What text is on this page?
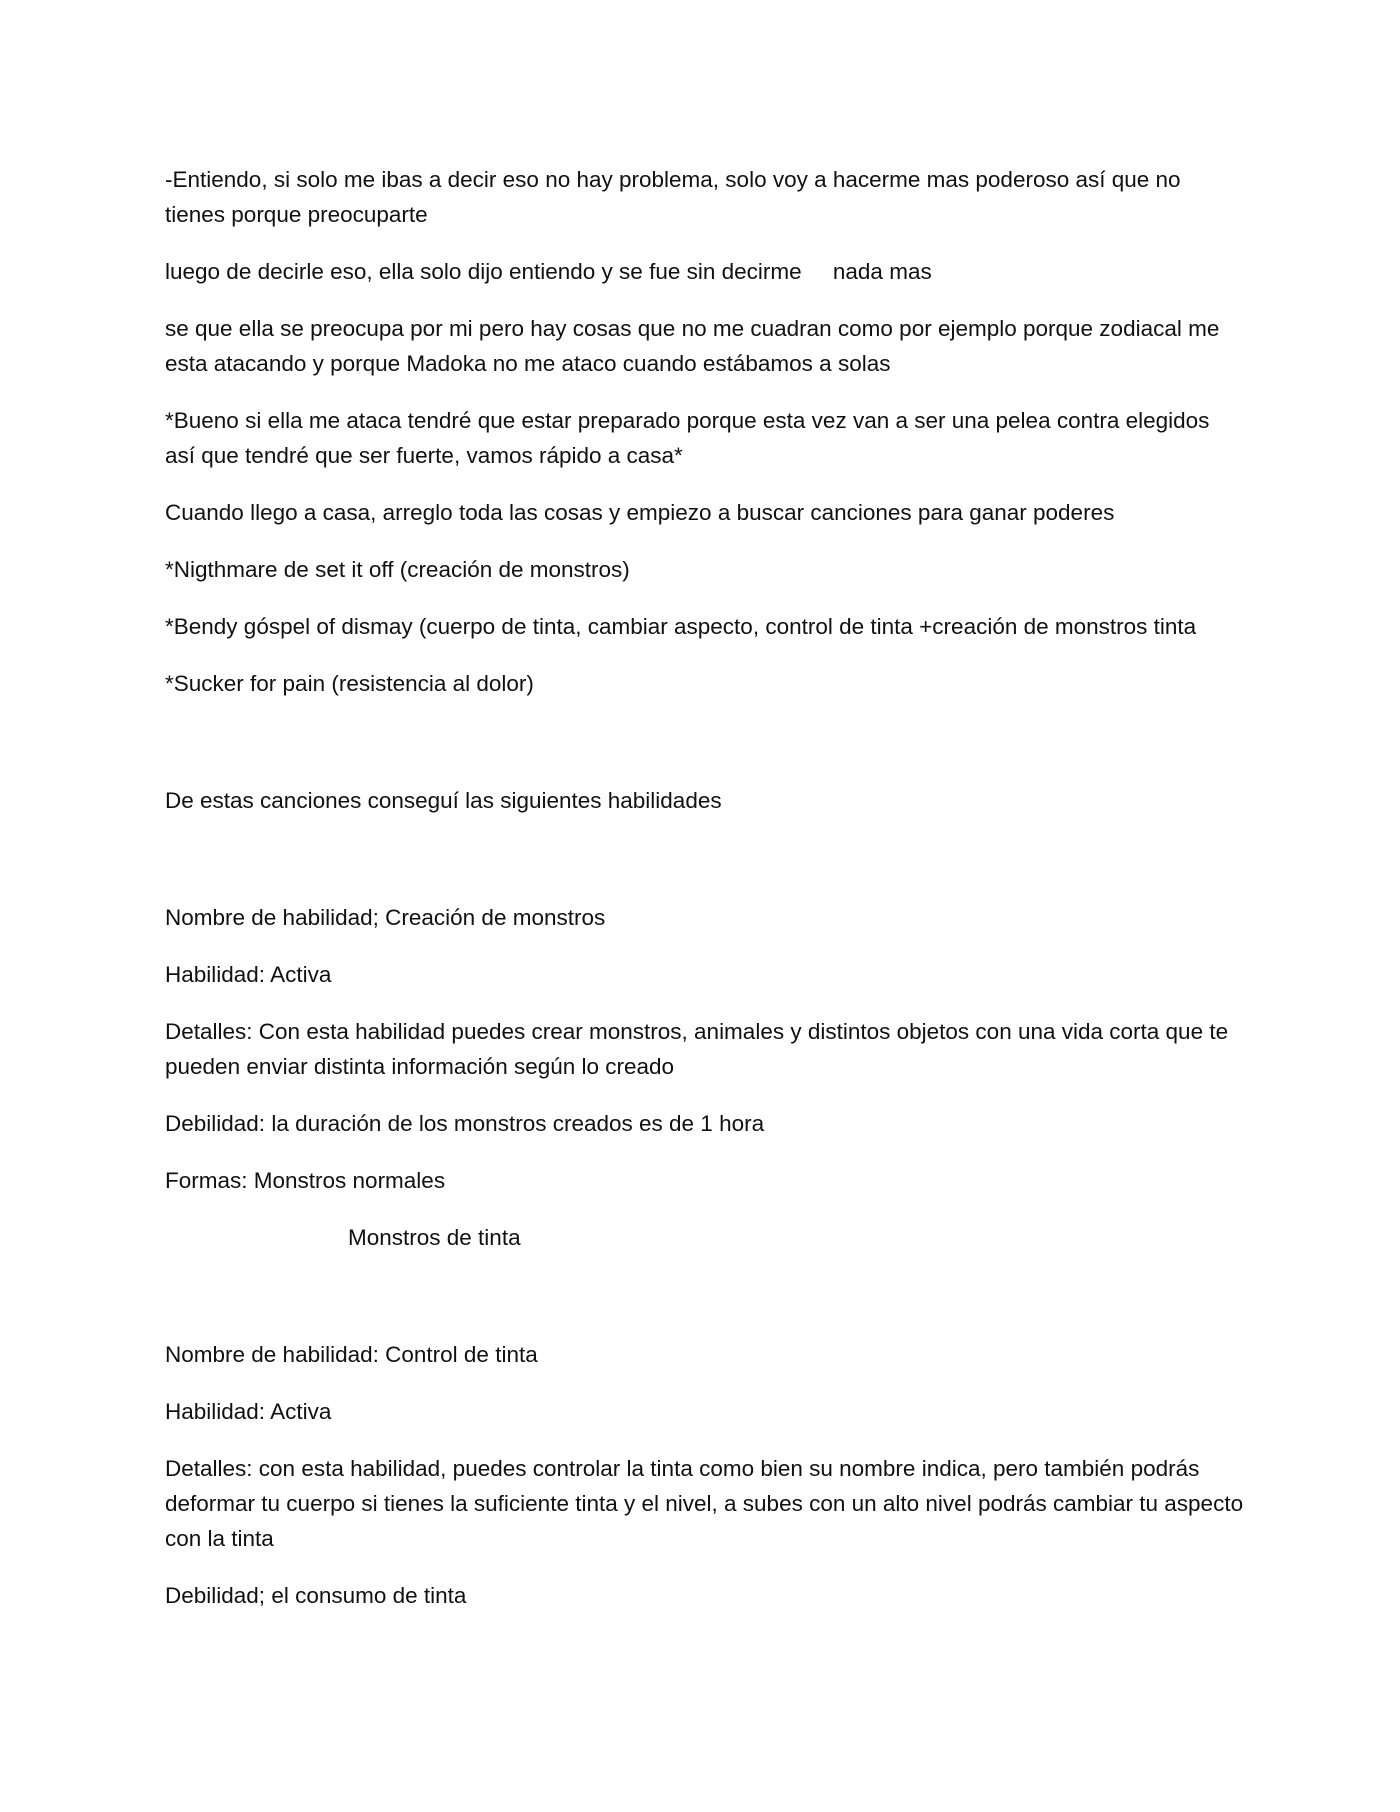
-Entiendo, si solo me ibas a decir eso no hay problema, solo voy a hacerme mas poderoso así que no tienes porque preocuparte

luego de decirle eso, ella solo dijo entiendo y se fue sin decirme     nada mas

se que ella se preocupa por mi pero hay cosas que no me cuadran como por ejemplo porque zodiacal me esta atacando y porque Madoka no me ataco cuando estábamos a solas

*Bueno si ella me ataca tendré que estar preparado porque esta vez van a ser una pelea contra elegidos así que tendré que ser fuerte, vamos rápido a casa*

Cuando llego a casa, arreglo toda las cosas y empiezo a buscar canciones para ganar poderes

*Nigthmare de set it off (creación de monstros)

*Bendy góspel of dismay (cuerpo de tinta, cambiar aspecto, control de tinta +creación de monstros tinta

*Sucker for pain (resistencia al dolor)

De estas canciones conseguí las siguientes habilidades

Nombre de habilidad; Creación de monstros

Habilidad: Activa

Detalles: Con esta habilidad puedes crear monstros, animales y distintos objetos con una vida corta que te pueden enviar distinta información según lo creado

Debilidad: la duración de los monstros creados es de 1 hora

Formas: Monstros normales

Monstros de tinta

Nombre de habilidad: Control de tinta

Habilidad: Activa

Detalles: con esta habilidad, puedes controlar la tinta como bien su nombre indica, pero también podrás deformar tu cuerpo si tienes la suficiente tinta y el nivel, a subes con un alto nivel podrás cambiar tu aspecto con la tinta

Debilidad; el consumo de tinta
